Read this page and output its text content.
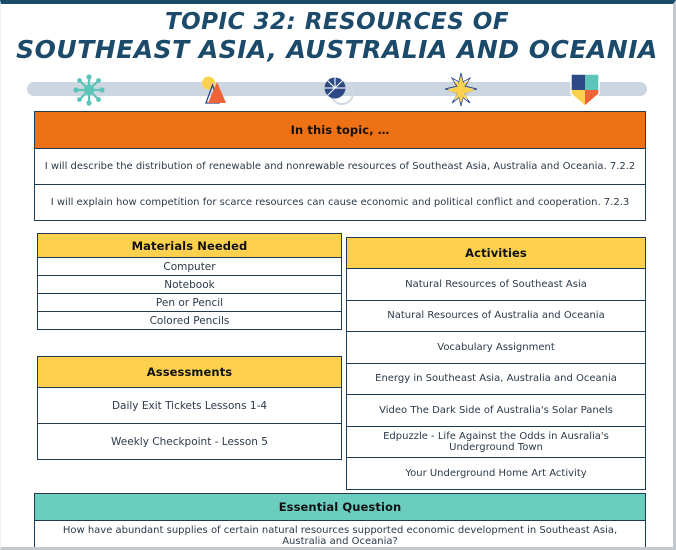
TOPIC 32: RESOURCES OF
SOUTHEAST ASIA, AUSTRALIA AND OCEANIA
In this topic, …
I will describe the distribution of renewable and nonrewable resources of Southeast Asia, Australia and Oceania. 7.2.2
I will explain how competition for scarce resources can cause economic and political conflict and cooperation. 7.2.3
Materials Needed
Computer
Notebook
Pen or Pencil
Colored Pencils
Assessments
Daily Exit Tickets Lessons 1-4
Weekly Checkpoint - Lesson 5
Activities
Natural Resources of Southeast Asia
Natural Resources of Australia and Oceania
Vocabulary Assignment
Energy in Southeast Asia, Australia and Oceania
Video The Dark Side of Australia's Solar Panels
Edpuzzle - Life Against the Odds in Ausralia's Underground Town
Your Underground Home Art Activity
Essential Question
How have abundant supplies of certain natural resources supported economic development in Southeast Asia, Australia and Oceania?
